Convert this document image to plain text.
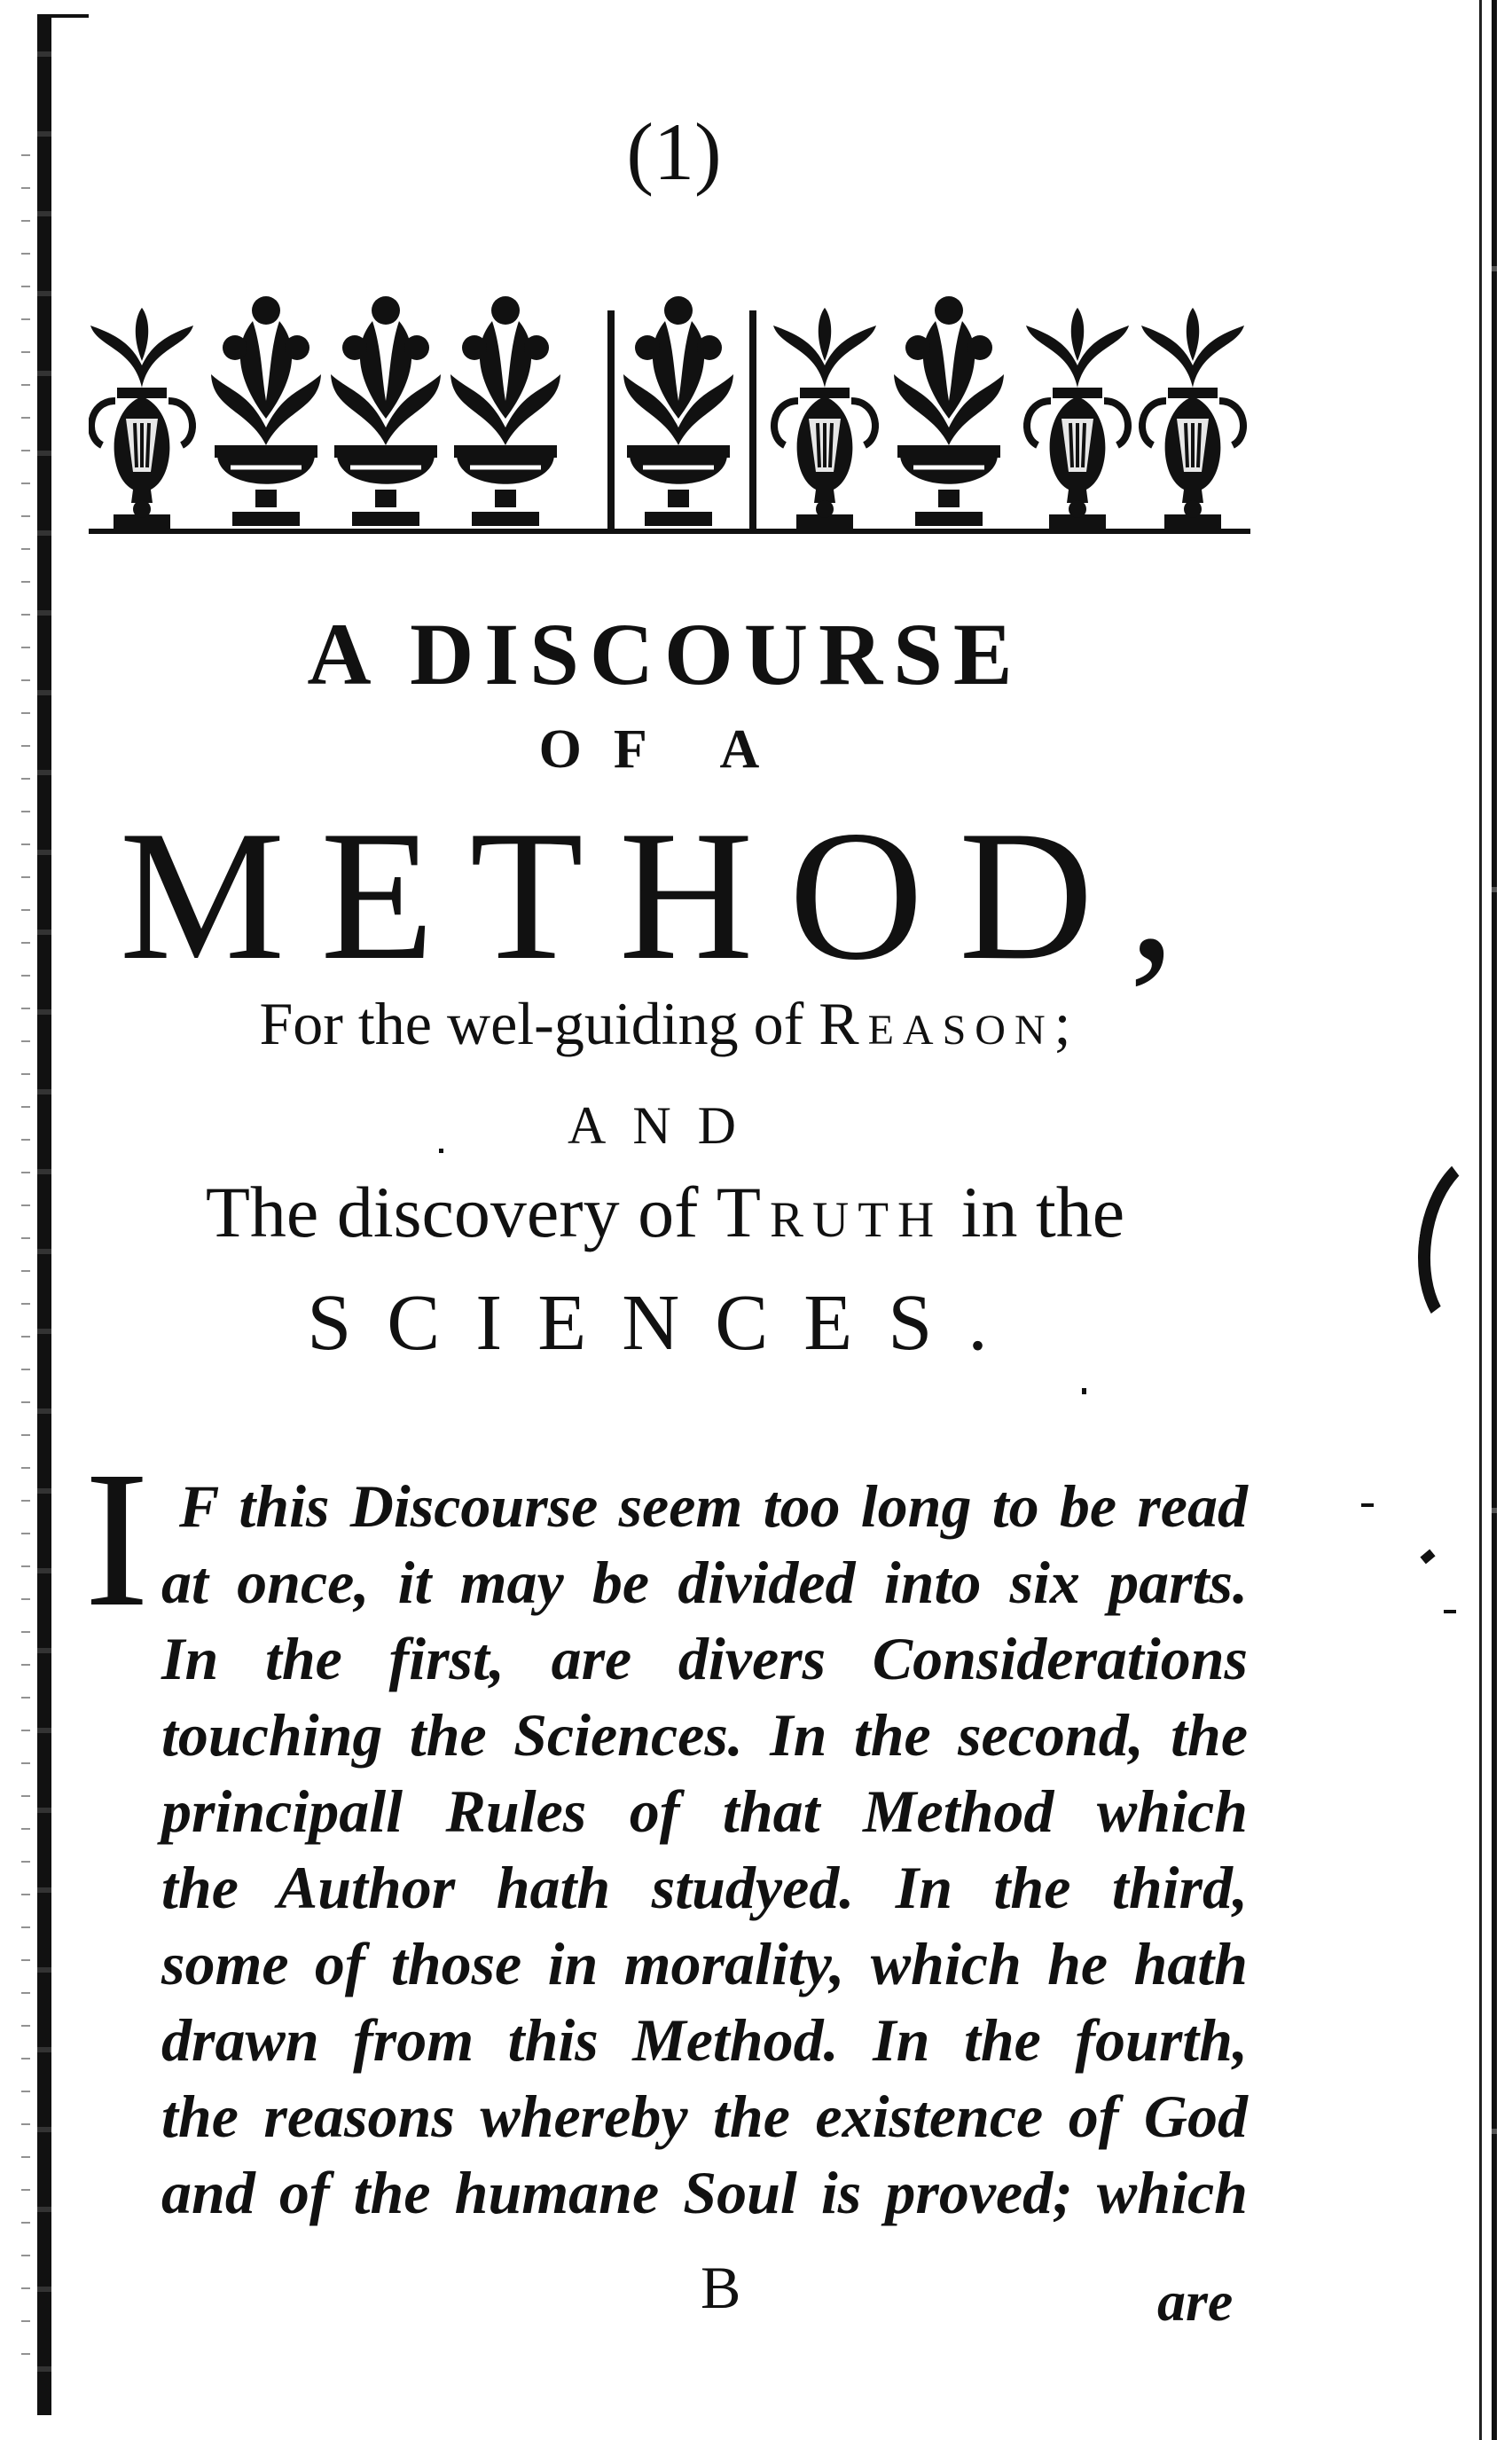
(1)
A DISCOURSE
OF A
METHOD,
For the wel-guiding of Reason;
AND
The discovery of Truth in the
SCIENCES.
I F this Discourse seem too long to be read
at once, it may be divided into six parts.
In the first, are divers Considerations
touching the Sciences. In the second, the
principall Rules of that Method which
the Author hath studyed. In the third,
some of those in morality, which he hath
drawn from this Method. In the fourth,
the reasons whereby the existence of God
and of the humane Soul is proved; which
B	are
